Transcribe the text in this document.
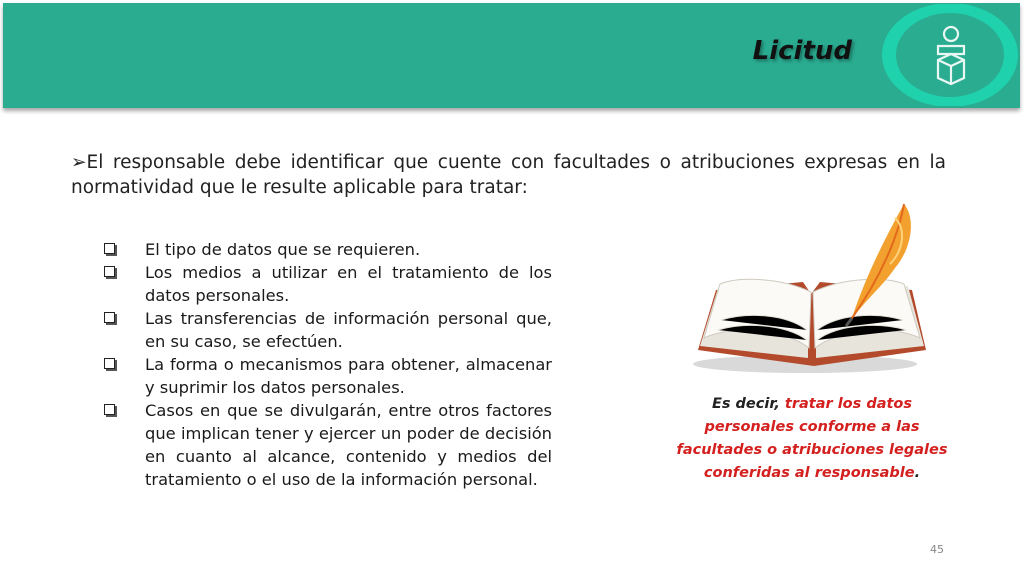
Licitud
➢El responsable debe identificar que cuente con facultades o atribuciones expresas en la normatividad que le resulte aplicable para tratar:
El tipo de datos que se requieren.
Los medios a utilizar en el tratamiento de los datos personales.
Las transferencias de información personal que, en su caso, se efectúen.
La forma o mecanismos para obtener, almacenar y suprimir los datos personales.
Casos en que se divulgarán, entre otros factores que implican tener y ejercer un poder de decisión en cuanto al alcance, contenido y medios del tratamiento o el uso de la información personal.
Es decir, tratar los datos personales conforme a las facultades o atribuciones legales conferidas al responsable.
45
